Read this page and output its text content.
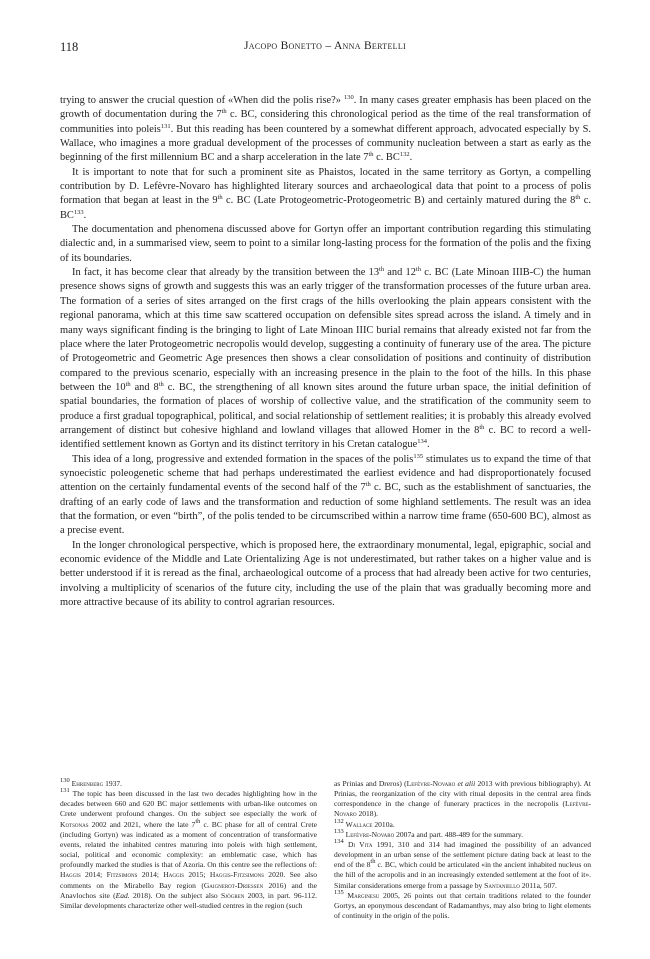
118	Jacopo Bonetto – Anna Bertelli

trying to answer the crucial question of «When did the polis rise?» $^{130}$. In many cases greater emphasis has been placed on the growth of documentation during the 7th c. BC, considering this chronological period as the time of the real transformation of communities into poleis$^{131}$. But this reading has been countered by a somewhat different approach, advocated especially by S. Wallace, who imagines a more gradual development of the processes of community nucleation between a start as early as the beginning of the first millennium BC and a sharp acceleration in the late 7th c. BC$^{132}$.

It is important to note that for such a prominent site as Phaistos, located in the same territory as Gortyn, a compelling contribution by D. Lefèvre-Novaro has highlighted literary sources and archaeological data that point to a process of polis formation that began at least in the 9th c. BC (Late Protogeometric-Protogeometric B) and certainly matured during the 8th c. BC$^{133}$.

The documentation and phenomena discussed above for Gortyn offer an important contribution regarding this stimulating dialectic and, in a summarised view, seem to point to a similar long-lasting process for the formation of the polis and the fixing of its boundaries.

In fact, it has become clear that already by the transition between the 13th and 12th c. BC (Late Minoan IIIB-C) the human presence shows signs of growth and suggests this was an early trigger of the transformation processes of the future urban area. The formation of a series of sites arranged on the first crags of the hills overlooking the plain appears consistent with the regional panorama, which at this time saw scattered occupation on defensible sites spread across the island. A timely and in many ways significant finding is the bringing to light of Late Minoan IIIC burial remains that already existed not far from the place where the later Protogeometric necropolis would develop, suggesting a continuity of funerary use of the area. The picture of Protogeometric and Geometric Age presences then shows a clear consolidation of positions and continuity of distribution compared to the previous scenario, especially with an increasing presence in the plain to the foot of the hills. In this phase between the 10th and 8th c. BC, the strengthening of all known sites around the future urban space, the initial definition of spatial boundaries, the formation of places of worship of collective value, and the stratification of the community seem to produce a first gradual topographical, political, and social relationship of settlement realities; it is probably this already evolved arrangement of distinct but cohesive highland and lowland villages that allowed Homer in the 8th c. BC to record a well-identified settlement known as Gortyn and its distinct territory in his Cretan catalogue$^{134}$.

This idea of a long, progressive and extended formation in the spaces of the polis$^{135}$ stimulates us to expand the time of that synoecistic poleogenetic scheme that had perhaps underestimated the earliest evidence and had disproportionately focused attention on the certainly fundamental events of the second half of the 7th c. BC, such as the establishment of sanctuaries, the drafting of an early code of laws and the transformation and reduction of some highland settlements. The result was an idea that the formation, or even “birth”, of the polis tended to be circumscribed within a narrow time frame (650-600 BC), almost as a precise event.

In the longer chronological perspective, which is proposed here, the extraordinary monumental, legal, epigraphic, social and economic evidence of the Middle and Late Orientalizing Age is not underestimated, but rather takes on a higher value and is better understood if it is reread as the final, archaeological outcome of a process that had already been active for two centuries, involving a multiplicity of scenarios of the future city, including the use of the plain that was gradually becoming more and more attractive because of its ability to control agrarian resources.

$^{130}$ Ehrenberg 1937.

$^{131}$ The topic has been discussed in the last two decades highlighting how in the decades between 660 and 620 BC major settlements with urban-like outcomes on Crete underwent profound changes. On the subject see especially the work of Kotsonas 2002 and 2021, where the late 7th c. BC phase for all of central Crete (including Gortyn) was indicated as a moment of concentration of transformative events, related the inhabited centres maturing into poleis with high settlement, social, political and economic complexity: an emblematic case, which has profoundly marked the studies is that of Azoria. On this centre see the reflections of: Haggis 2014; Fitzsimons 2014; Haggis 2015; Haggis-Fitzsimons 2020. See also comments on the Mirabello Bay region (Gaignerot-Driessen 2016) and the Anavlochos site (Ead. 2018). On the subject also Sjögren 2003, in part. 96-112. Similar developments characterize other well-studied centres in the region (such

as Prinias and Dreros) (Lefèvre-Novaro et alii 2013 with previous bibliography). At Prinias, the reorganization of the city with ritual deposits in the central area finds correspondence in the change of funerary practices in the necropolis (Lefèvre-Novaro 2018).

$^{132}$ Wallace 2010a.

$^{133}$ Lefèvre-Novaro 2007a and part. 488-489 for the summary.

$^{134}$ Di Vita 1991, 310 and 314 had imagined the possibility of an advanced development in an urban sense of the settlement picture dating back at least to the end of the 8th c. BC, which could be articulated «in the ancient inhabited nucleus on the hill of the acropolis and in an increasingly extended settlement at the foot of it». Similar considerations emerge from a passage by Santaniello 2011a, 507.

$^{135}$ Marginesu 2005, 26 points out that certain traditions related to the founder Gortys, an eponymous descendant of Radamanthys, may also bring to light elements of continuity in the origin of the polis.
